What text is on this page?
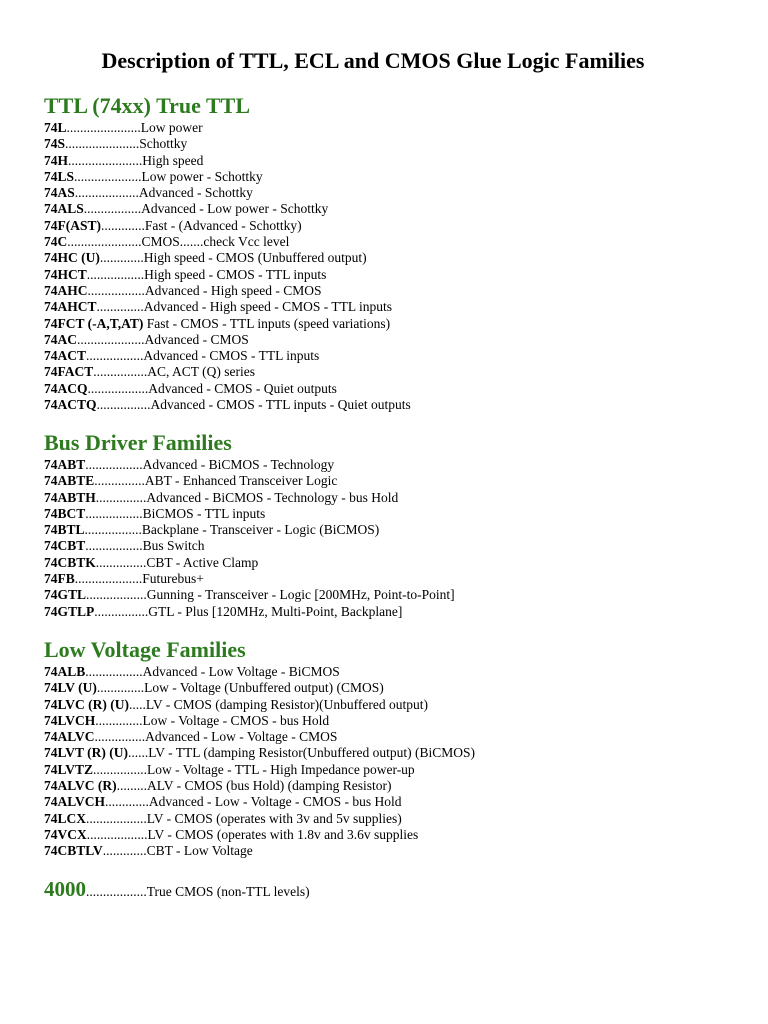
Description of TTL, ECL and CMOS Glue Logic Families
TTL (74xx) True TTL
74L......................Low power
74S......................Schottky
74H......................High speed
74LS....................Low power - Schottky
74AS...................Advanced - Schottky
74ALS.................Advanced - Low power - Schottky
74F(AST).............Fast - (Advanced - Schottky)
74C......................CMOS.......check Vcc level
74HC (U).............High speed - CMOS (Unbuffered output)
74HCT.................High speed - CMOS - TTL inputs
74AHC.................Advanced - High speed - CMOS
74AHCT..............Advanced - High speed - CMOS - TTL inputs
74FCT (-A,T,AT) Fast - CMOS - TTL inputs (speed variations)
74AC....................Advanced - CMOS
74ACT.................Advanced - CMOS - TTL inputs
74FACT................AC, ACT (Q) series
74ACQ..................Advanced - CMOS - Quiet outputs
74ACTQ................Advanced - CMOS - TTL inputs - Quiet outputs
Bus Driver Families
74ABT.................Advanced - BiCMOS - Technology
74ABTE...............ABT - Enhanced Transceiver Logic
74ABTH...............Advanced - BiCMOS - Technology - bus Hold
74BCT.................BiCMOS - TTL inputs
74BTL.................Backplane - Transceiver - Logic (BiCMOS)
74CBT.................Bus Switch
74CBTK...............CBT - Active Clamp
74FB....................Futurebus+
74GTL..................Gunning - Transceiver - Logic [200MHz, Point-to-Point]
74GTLP................GTL - Plus [120MHz, Multi-Point, Backplane]
Low Voltage Families
74ALB.................Advanced - Low Voltage - BiCMOS
74LV (U)..............Low - Voltage (Unbuffered output) (CMOS)
74LVC (R) (U).....LV - CMOS (damping Resistor)(Unbuffered output)
74LVCH..............Low - Voltage - CMOS - bus Hold
74ALVC...............Advanced - Low - Voltage - CMOS
74LVT (R) (U)......LV - TTL (damping Resistor(Unbuffered output) (BiCMOS)
74LVTZ................Low - Voltage - TTL - High Impedance power-up
74ALVC (R).........ALV - CMOS (bus Hold) (damping Resistor)
74ALVCH.............Advanced - Low - Voltage - CMOS - bus Hold
74LCX..................LV - CMOS (operates with 3v and 5v supplies)
74VCX..................LV - CMOS (operates with 1.8v and 3.6v supplies
74CBTLV.............CBT - Low Voltage
4000..................True CMOS (non-TTL levels)
